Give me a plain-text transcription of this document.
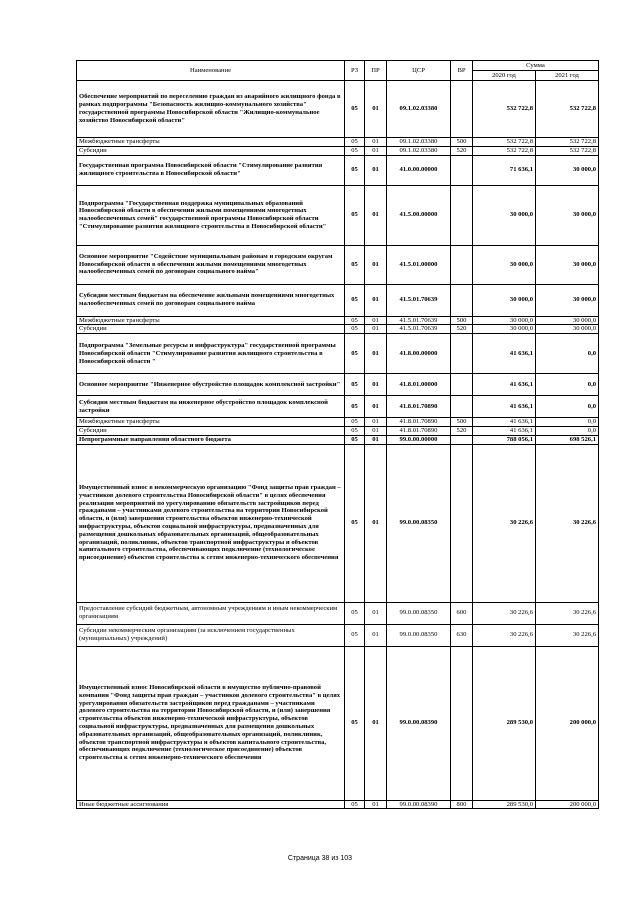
Наименование	РЗ	ПР	ЦСР	ВР	Сумма	
					2020 год	2021 год
Обеспечение мероприятий по переселению граждан из аварийного жилищного фонда в рамках подпрограммы "Безопасность жилищно-коммунального хозяйства" государственной программы Новосибирской области "Жилищно-коммунальное хозяйство Новосибирской области"	05	01	09.1.02.03380		532 722,8	532 722,8
Межбюджетные трансферты	05	01	09.1.02.03380	500	532 722,8	532 722,8
Субсидии	05	01	09.1.02.03380	520	532 722,8	532 722,8
Государственная программа Новосибирской области "Стимулирование развития жилищного строительства в Новосибирской области"	05	01	41.0.00.00000		71 636,1	30 000,0
Подпрограмма "Государственная поддержка муниципальных образований Новосибирской области в обеспечении жилыми помещениями многодетных малообеспеченных семей" государственной программы Новосибирской области "Стимулирование развития жилищного строительства в Новосибирской области"	05	01	41.5.00.00000		30 000,0	30 000,0
Основное мероприятие "Содействие муниципальным районам и городским округам Новосибирской области в обеспечении жилыми помещениями многодетных малообеспеченных семей по договорам социального найма"	05	01	41.5.01.00000		30 000,0	30 000,0
Субсидии местным бюджетам на обеспечение жильными помещениями многодетных малообеспеченных семей по договорам социального найма	05	01	41.5.01.70639		30 000,0	30 000,0
Межбюджетные трансферты	05	01	41.5.01.70639	500	30 000,0	30 000,0
Субсидии	05	01	41.5.01.70639	520	30 000,0	30 000,0
Подпрограмма "Земельные ресурсы и инфраструктура" государственной программы Новосибирской области "Стимулирование развития жилищного строительства в Новосибирской области "	05	01	41.8.00.00000		41 636,1	0,0
Основное мероприятие "Инженерное обустройство площадок комплексной застройки"	05	01	41.8.01.00000		41 636,1	0,0
Субсидии местным бюджетам на инженерное обустройство площадок комплексной застройки	05	01	41.8.01.70890		41 636,1	0,0
Межбюджетные трансферты	05	01	41.8.01.70890	500	41 636,1	0,0
Субсидии	05	01	41.8.01.70890	520	41 636,1	0,0
Непрограммные направления областного бюджета	05	01	99.0.00.00000		788 056,1	698 526,1
Имущественный взнос в некоммерческую организацию "Фонд защиты прав граждан – участников долевого строительства Новосибирской области" в целях обеспечения реализации мероприятий по урегулированию обязательств застройщиков перед гражданами – участниками долевого строительства на территории Новосибирской области, и (или) завершения строительства объектов инженерно-технической инфраструктуры, объектов социальной инфраструктуры, предназначенных для размещения дошкольных образовательных организаций, общеобразовательных организаций, поликлиник, объектов транспортной инфраструктуры и объектов капитального строительства, обеспечивающих подключение (технологическое присоединение) объектов строительства к сетям инженерно-технического обеспечения	05	01	99.0.00.08350		30 226,6	30 226,6
Предоставление субсидий бюджетным, автономным учреждениям и иным некоммерческим организациям	05	01	99.0.00.08350	600	30 226,6	30 226,6
Субсидии некоммерческим организациям (за исключением государственных (муниципальных) учреждений)	05	01	99.0.00.08350	630	30 226,6	30 226,6
Имущественный взнос Новосибирской области в имущество публично-правовой компании "Фонд защиты прав граждан – участников долевого строительства" в целях урегулирования обязательств застройщиков перед гражданами – участниками долевого строительства на территории Новосибирской области, и (или) завершения строительства объектов инженерно-технической инфраструктуры, объектов социальной инфраструктуры, предназначенных для размещения дошкольных образовательных организаций, общеобразовательных организаций, поликлиник, объектов транспортной инфраструктуры и объектов капитального строительства, обеспечивающих подключение (технологическое присоединение) объектов строительства к сетям инженерно-технического обеспечения	05	01	99.0.00.08390		289 530,0	200 000,0
Иные бюджетные ассигнования	05	01	99.0.00.08390	800	289 530,0	200 000,0
Страница 38 из 103
